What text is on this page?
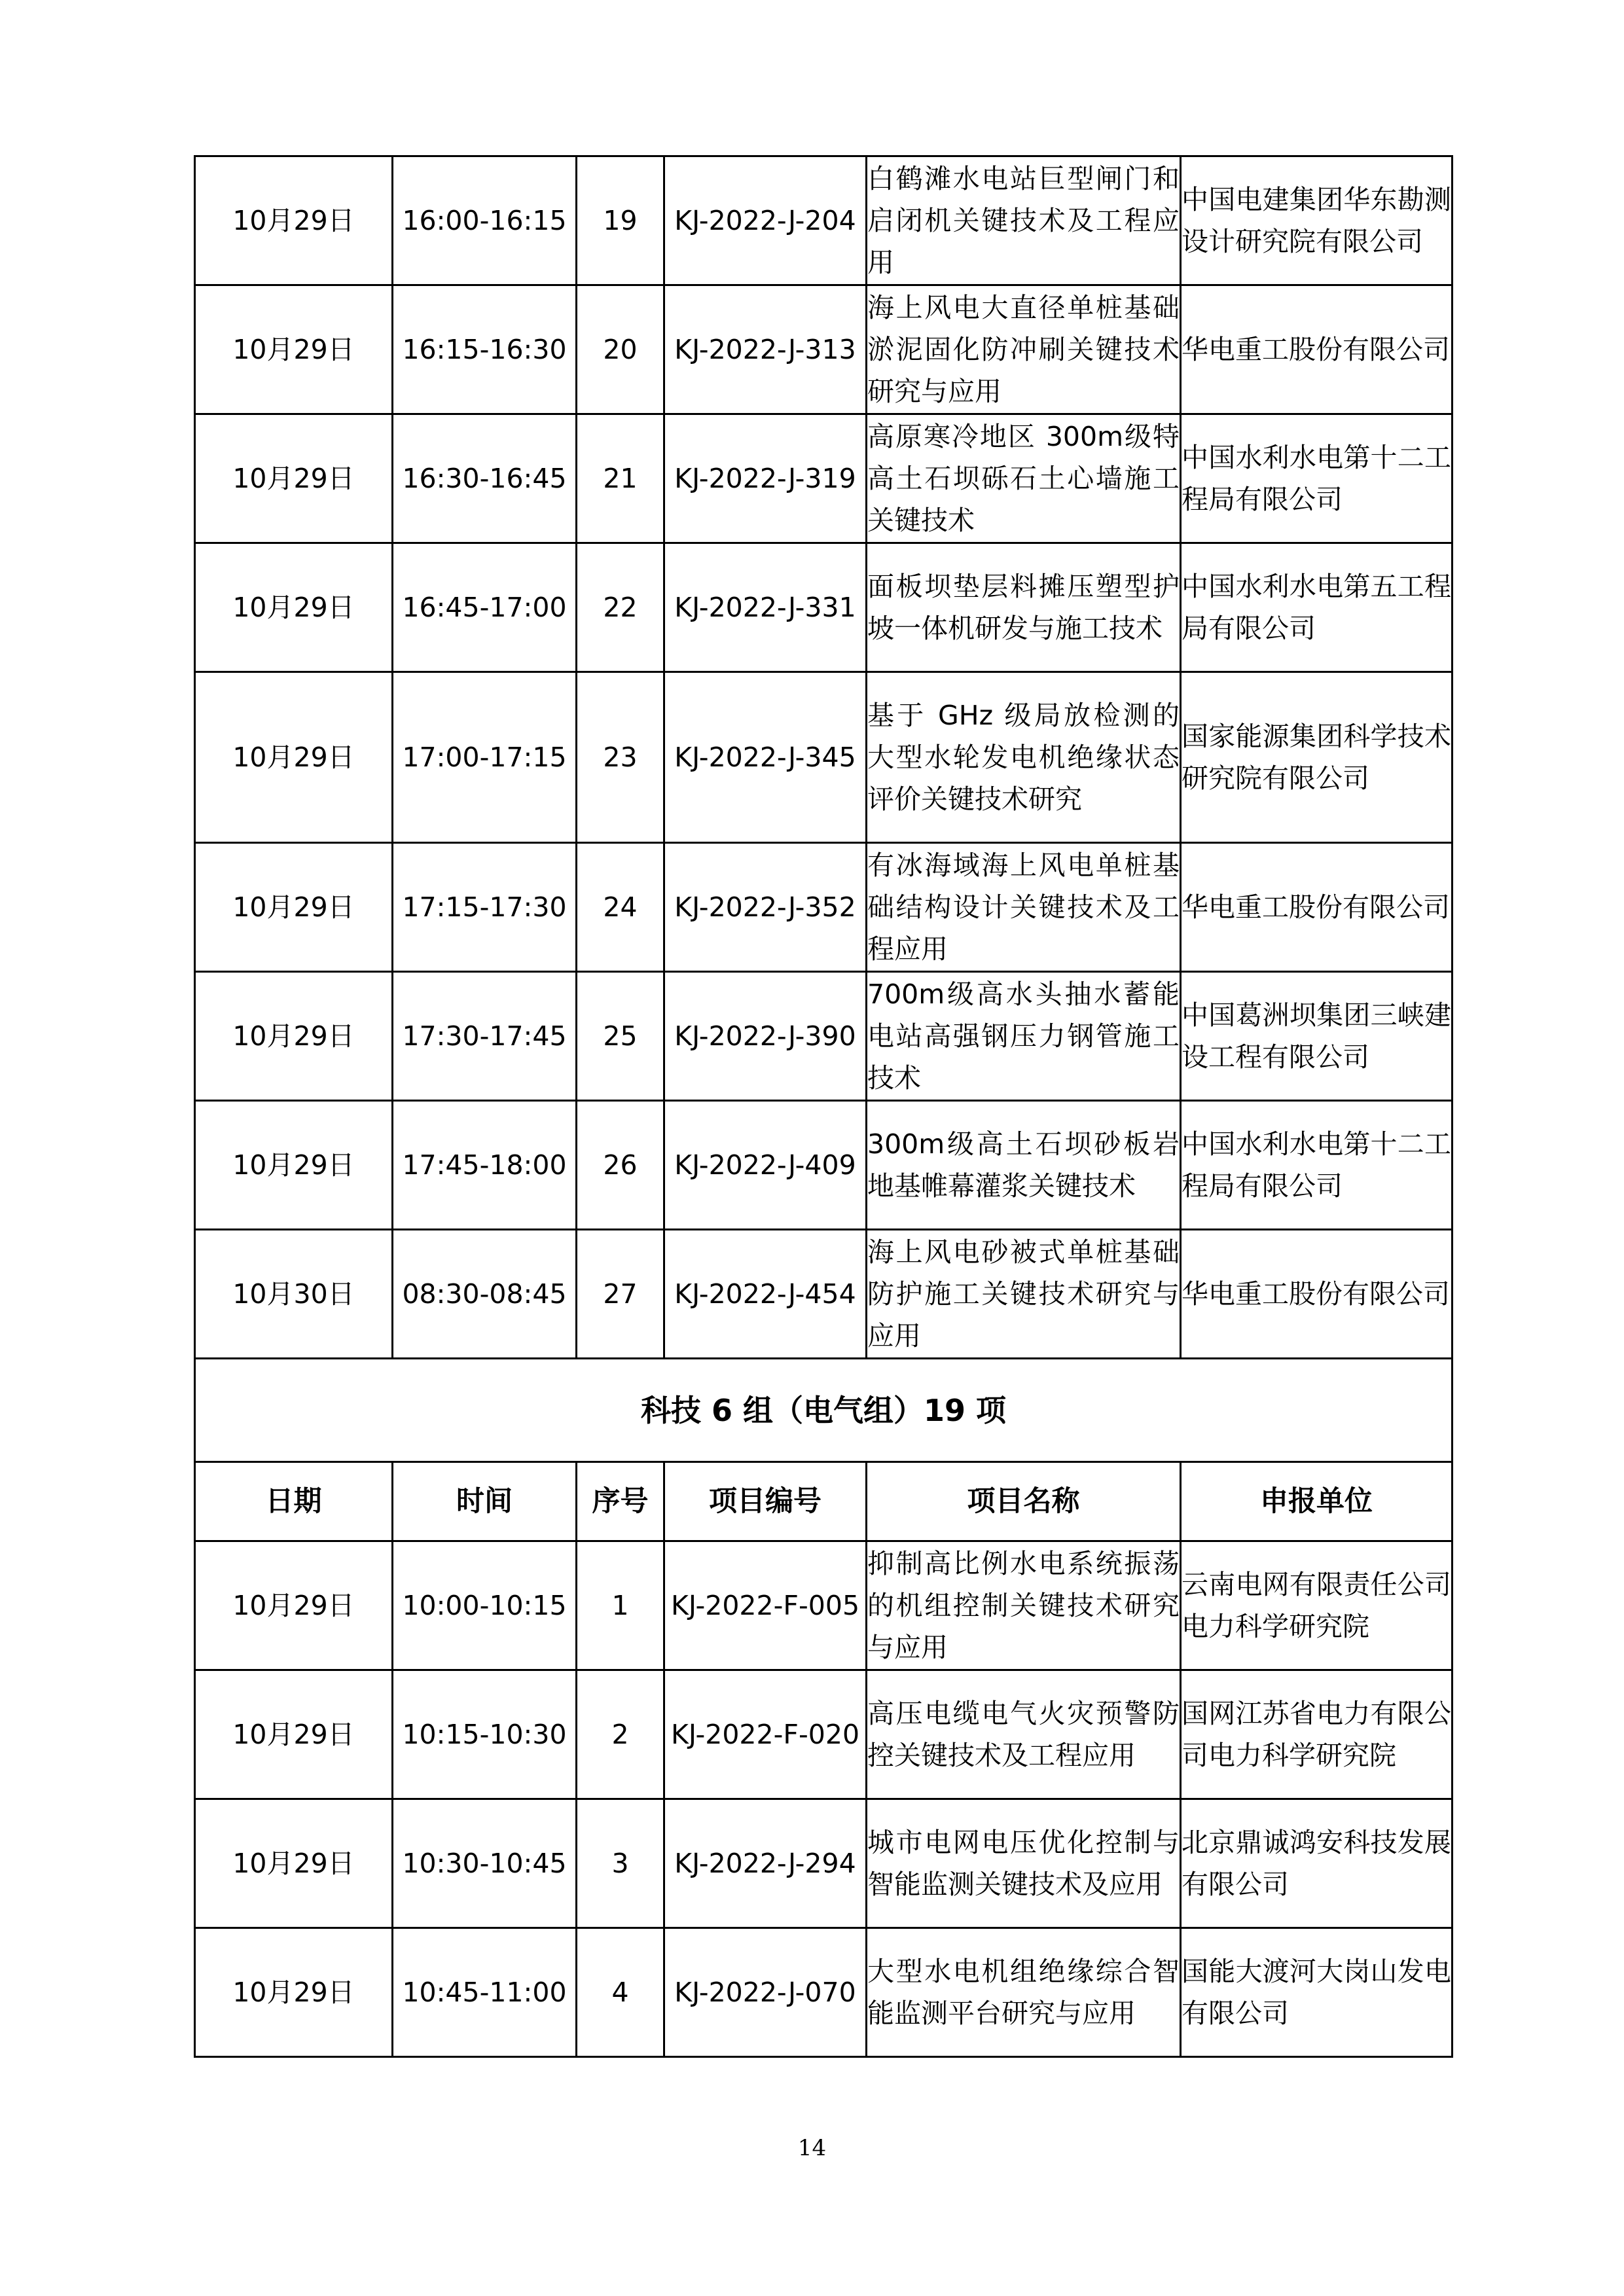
10月29日	16:00-16:15	19	KJ-2022-J-204	白鹤滩水电站巨型闸门和启闭机关键技术及工程应用	中国电建集团华东勘测设计研究院有限公司
10月29日	16:15-16:30	20	KJ-2022-J-313	海上风电大直径单桩基础淤泥固化防冲刷关键技术研究与应用	华电重工股份有限公司
10月29日	16:30-16:45	21	KJ-2022-J-319	高原寒冷地区 300m级特高土石坝砾石土心墙施工关键技术	中国水利水电第十二工程局有限公司
10月29日	16:45-17:00	22	KJ-2022-J-331	面板坝垫层料摊压塑型护坡一体机研发与施工技术	中国水利水电第五工程局有限公司
10月29日	17:00-17:15	23	KJ-2022-J-345	基于 GHz 级局放检测的大型水轮发电机绝缘状态评价关键技术研究	国家能源集团科学技术研究院有限公司
10月29日	17:15-17:30	24	KJ-2022-J-352	有冰海域海上风电单桩基础结构设计关键技术及工程应用	华电重工股份有限公司
10月29日	17:30-17:45	25	KJ-2022-J-390	700m级高水头抽水蓄能电站高强钢压力钢管施工技术	中国葛洲坝集团三峡建设工程有限公司
10月29日	17:45-18:00	26	KJ-2022-J-409	300m级高土石坝砂板岩地基帷幕灌浆关键技术	中国水利水电第十二工程局有限公司
10月30日	08:30-08:45	27	KJ-2022-J-454	海上风电砂被式单桩基础防护施工关键技术研究与应用	华电重工股份有限公司
科技 6 组（电气组）19 项					
日期	时间	序号	项目编号	项目名称	申报单位
10月29日	10:00-10:15	1	KJ-2022-F-005	抑制高比例水电系统振荡的机组控制关键技术研究与应用	云南电网有限责任公司电力科学研究院
10月29日	10:15-10:30	2	KJ-2022-F-020	高压电缆电气火灾预警防控关键技术及工程应用	国网江苏省电力有限公司电力科学研究院
10月29日	10:30-10:45	3	KJ-2022-J-294	城市电网电压优化控制与智能监测关键技术及应用	北京鼎诚鸿安科技发展有限公司
10月29日	10:45-11:00	4	KJ-2022-J-070	大型水电机组绝缘综合智能监测平台研究与应用	国能大渡河大岗山发电有限公司
14
